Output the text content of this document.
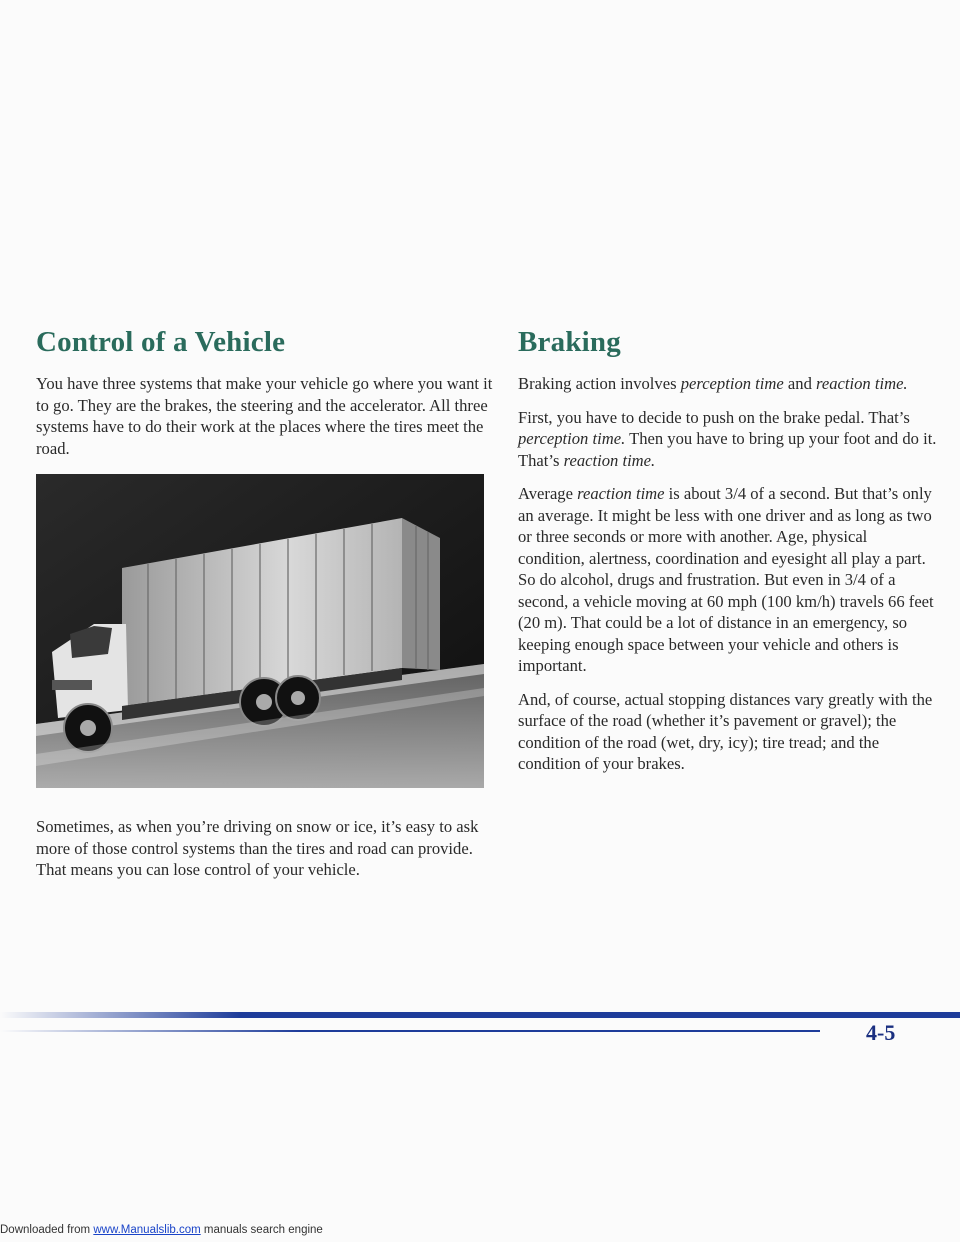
Control of a Vehicle

You have three systems that make your vehicle go where you want it to go. They are the brakes, the steering and the accelerator. All three systems have to do their work at the places where the tires meet the road.

Sometimes, as when you’re driving on snow or ice, it’s easy to ask more of those control systems than the tires and road can provide. That means you can lose control of your vehicle.

Braking

Braking action involves perception time and reaction time.

First, you have to decide to push on the brake pedal. That’s perception time. Then you have to bring up your foot and do it. That’s reaction time.

Average reaction time is about 3/4 of a second. But that’s only an average. It might be less with one driver and as long as two or three seconds or more with another. Age, physical condition, alertness, coordination and eyesight all play a part. So do alcohol, drugs and frustration. But even in 3/4 of a second, a vehicle moving at 60 mph (100 km/h) travels 66 feet (20 m). That could be a lot of distance in an emergency, so keeping enough space between your vehicle and others is important.

And, of course, actual stopping distances vary greatly with the surface of the road (whether it’s pavement or gravel); the condition of the road (wet, dry, icy); tire tread; and the condition of your brakes.

4-5
Downloaded from www.Manualslib.com manuals search engine
